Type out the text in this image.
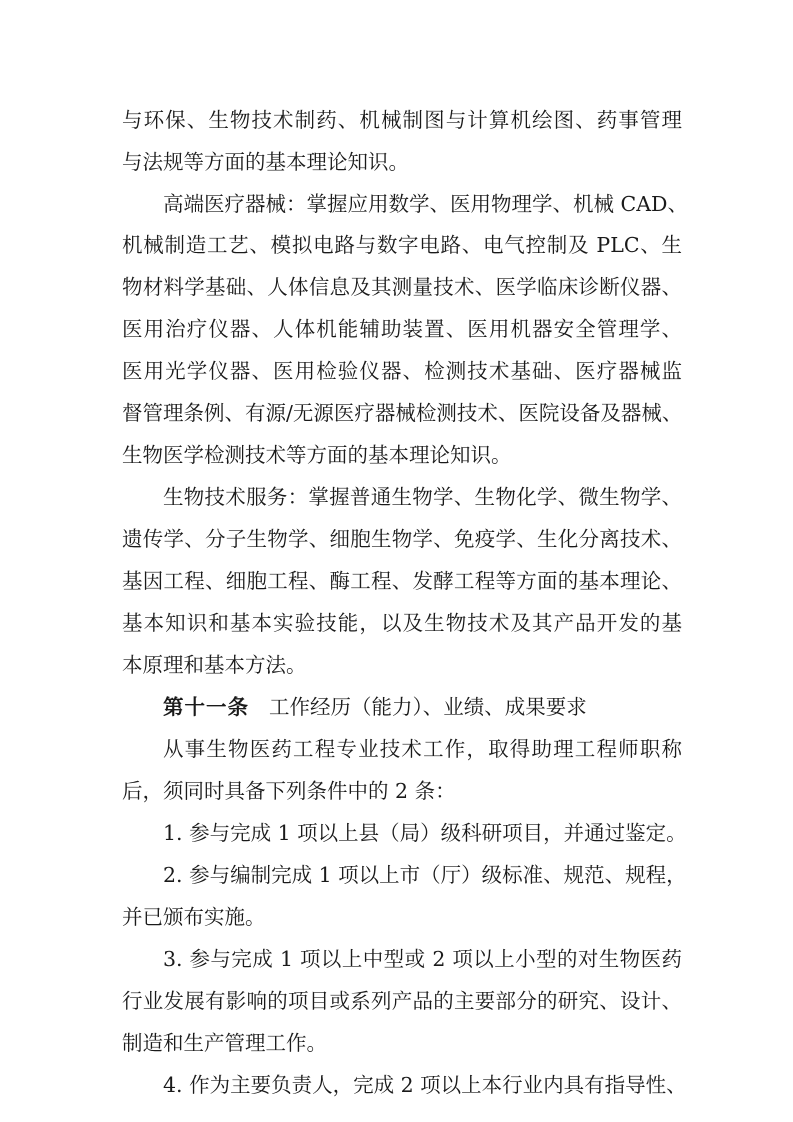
与环保、生物技术制药、机械制图与计算机绘图、药事管理
与法规等方面的基本理论知识。
高端医疗器械：掌握应用数学、医用物理学、机械 CAD、
机械制造工艺、模拟电路与数字电路、电气控制及 PLC、生
物材料学基础、人体信息及其测量技术、医学临床诊断仪器、
医用治疗仪器、人体机能辅助装置、医用机器安全管理学、
医用光学仪器、医用检验仪器、检测技术基础、医疗器械监
督管理条例、有源/无源医疗器械检测技术、医院设备及器械、
生物医学检测技术等方面的基本理论知识。
生物技术服务：掌握普通生物学、生物化学、微生物学、
遗传学、分子生物学、细胞生物学、免疫学、生化分离技术、
基因工程、细胞工程、酶工程、发酵工程等方面的基本理论、
基本知识和基本实验技能，以及生物技术及其产品开发的基
本原理和基本方法。
第十一条 工作经历（能力）、业绩、成果要求
从事生物医药工程专业技术工作，取得助理工程师职称
后，须同时具备下列条件中的 2 条：
1. 参与完成 1 项以上县（局）级科研项目，并通过鉴定。
2. 参与编制完成 1 项以上市（厅）级标准、规范、规程，
并已颁布实施。
3. 参与完成 1 项以上中型或 2 项以上小型的对生物医药
行业发展有影响的项目或系列产品的主要部分的研究、设计、
制造和生产管理工作。
4. 作为主要负责人，完成 2 项以上本行业内具有指导性、
